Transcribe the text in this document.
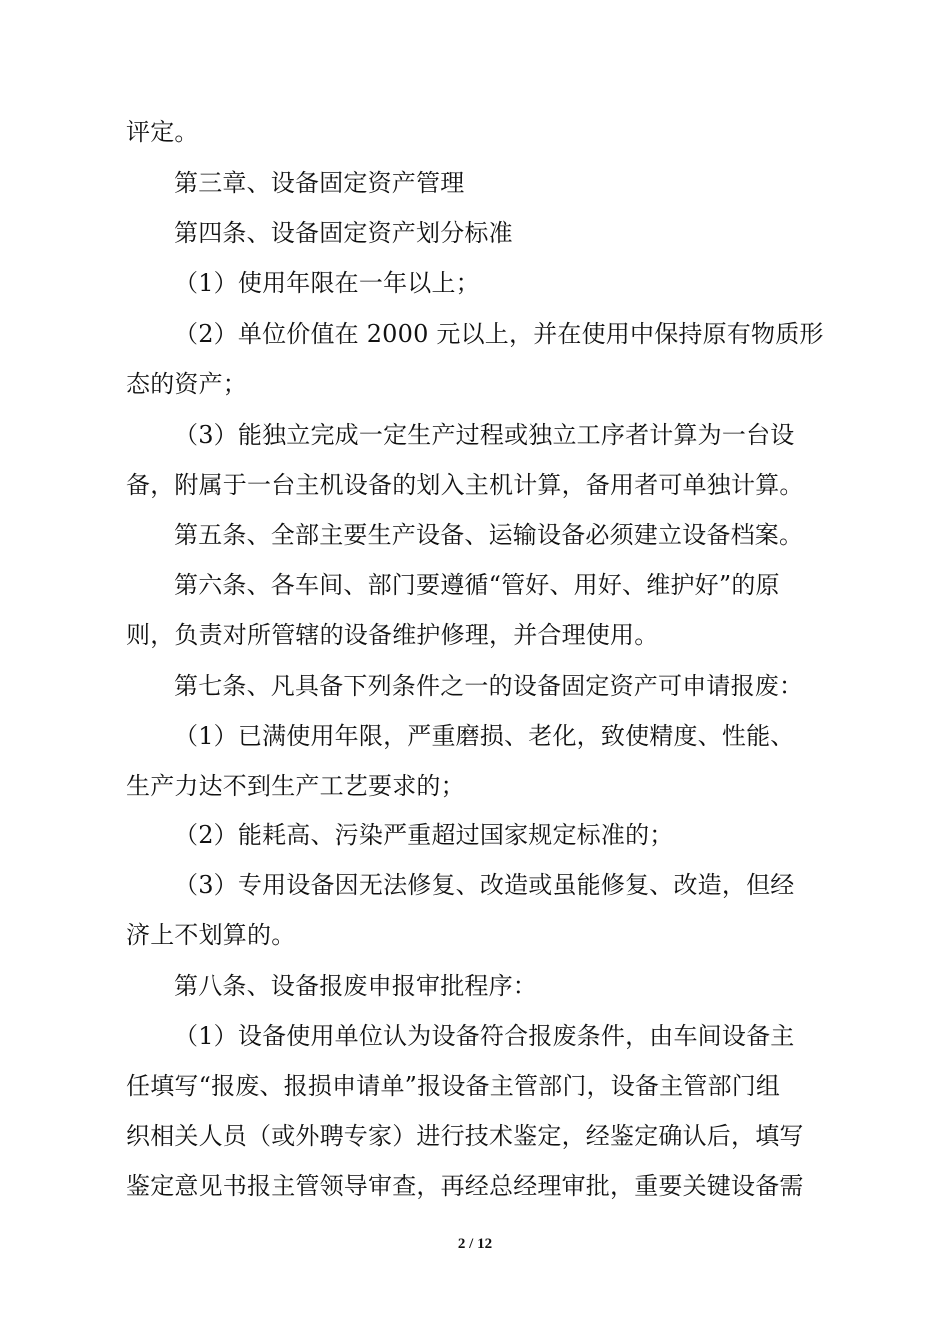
评定。

第三章、设备固定资产管理

第四条、设备固定资产划分标准

（1）使用年限在一年以上；

（2）单位价值在 2000 元以上，并在使用中保持原有物质形

态的资产；

（3）能独立完成一定生产过程或独立工序者计算为一台设

备，附属于一台主机设备的划入主机计算，备用者可单独计算。

第五条、全部主要生产设备、运输设备必须建立设备档案。

第六条、各车间、部门要遵循“管好、用好、维护好”的原

则，负责对所管辖的设备维护修理，并合理使用。

第七条、凡具备下列条件之一的设备固定资产可申请报废：

（1）已满使用年限，严重磨损、老化，致使精度、性能、

生产力达不到生产工艺要求的；

（2）能耗高、污染严重超过国家规定标准的；

（3）专用设备因无法修复、改造或虽能修复、改造，但经

济上不划算的。

第八条、设备报废申报审批程序：

（1）设备使用单位认为设备符合报废条件，由车间设备主

任填写“报废、报损申请单”报设备主管部门，设备主管部门组

织相关人员（或外聘专家）进行技术鉴定，经鉴定确认后，填写

鉴定意见书报主管领导审查，再经总经理审批，重要关键设备需

2 / 12
